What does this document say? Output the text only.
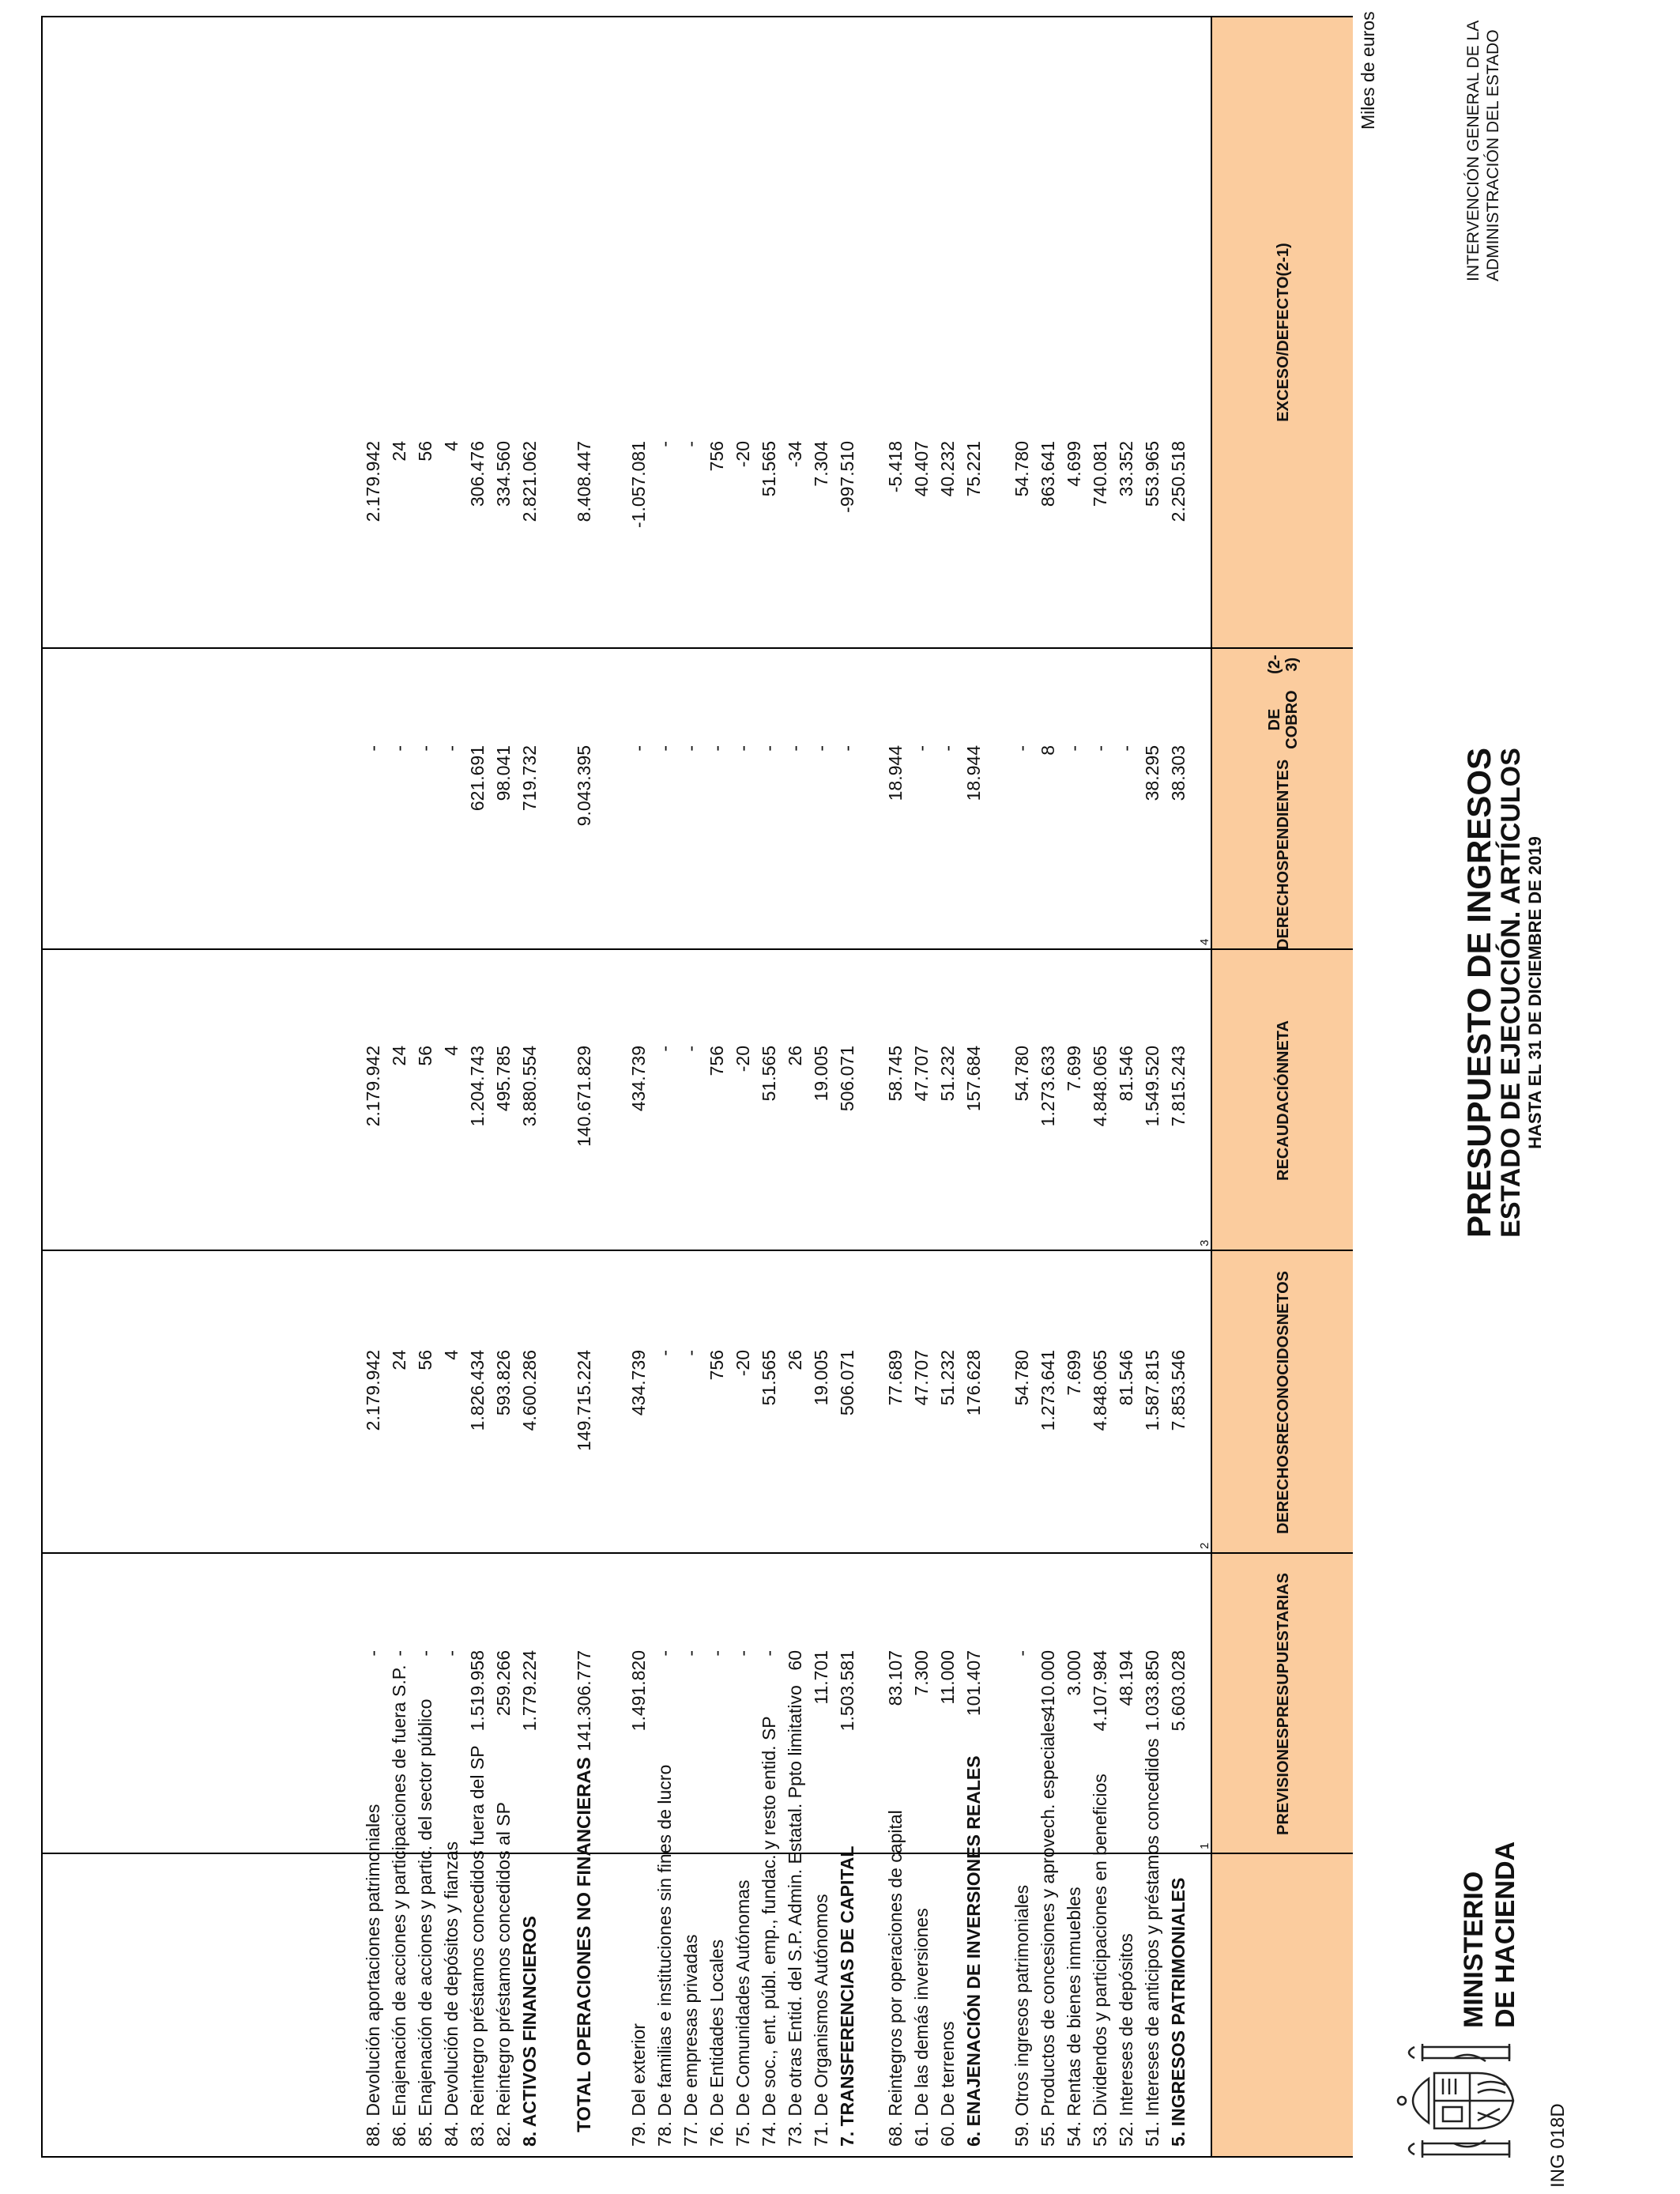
ING 018D
MINISTERIO DE HACIENDA
PRESUPUESTO DE INGRESOS
ESTADO DE EJECUCIÓN. ARTÍCULOS HASTA EL 31 DE DICIEMBRE DE 2019
INTERVENCIÓN GENERAL DE LA ADMINISTRACIÓN DEL ESTADO
Miles de euros
PREVISIONES
PRESUPUESTARIAS
1
DERECHOS
RECONOCIDOS
NETOS
2
RECAUDACIÓN
NETA
3
DERECHOS
PENDIENTES
DE COBRO
(2-3)
4
EXCESO/DEFECTO
(2-1)
5. INGRESOS PATRIMONIALES
5.603.028
7.853.546
7.815.243
38.303
2.250.518
51. Intereses de anticipos y préstamos concedidos
1.033.850
1.587.815
1.549.520
38.295
553.965
52. Intereses de depósitos
48.194
81.546
81.546
-
33.352
53. Dividendos y participaciones en beneficios
4.107.984
4.848.065
4.848.065
-
740.081
54. Rentas de bienes inmuebles
3.000
7.699
7.699
-
4.699
55. Productos de concesiones y aprovech. especiales
410.000
1.273.641
1.273.633
8
863.641
59. Otros ingresos patrimoniales
-
54.780
54.780
-
54.780
6. ENAJENACIÓN DE INVERSIONES REALES
101.407
176.628
157.684
18.944
75.221
60. De terrenos
11.000
51.232
51.232
-
40.232
61. De las demás inversiones
7.300
47.707
47.707
-
40.407
68. Reintegros por operaciones de capital
83.107
77.689
58.745
18.944
-5.418
7. TRANSFERENCIAS DE CAPITAL
1.503.581
506.071
506.071
-
-997.510
71. De Organismos Autónomos
11.701
19.005
19.005
-
7.304
73. De otras Entid. del S.P. Admin. Estatal. Ppto limitativo
60
26
26
-
-34
74. De soc., ent. públ. emp., fundac. y resto entid. SP
-
51.565
51.565
-
51.565
75. De Comunidades Autónomas
-
-20
-20
-
-20
76. De Entidades Locales
-
756
756
-
756
77. De empresas privadas
-
-
-
-
-
78. De familias e instituciones sin fines de lucro
-
-
-
-
-
79. Del exterior
1.491.820
434.739
434.739
-
-1.057.081
TOTAL OPERACIONES NO FINANCIERAS
141.306.777
149.715.224
140.671.829
9.043.395
8.408.447
8. ACTIVOS FINANCIEROS
1.779.224
4.600.286
3.880.554
719.732
2.821.062
82. Reintegro préstamos concedidos al SP
259.266
593.826
495.785
98.041
334.560
83. Reintegro préstamos concedidos fuera del SP
1.519.958
1.826.434
1.204.743
621.691
306.476
84. Devolución de depósitos y fianzas
-
4
4
-
4
85. Enajenación de acciones y partic. del sector público
-
56
56
-
56
86. Enajenación de acciones y participaciones de fuera S.P.
-
24
24
-
24
88. Devolución aportaciones patrimoniales
-
2.179.942
2.179.942
-
2.179.942
